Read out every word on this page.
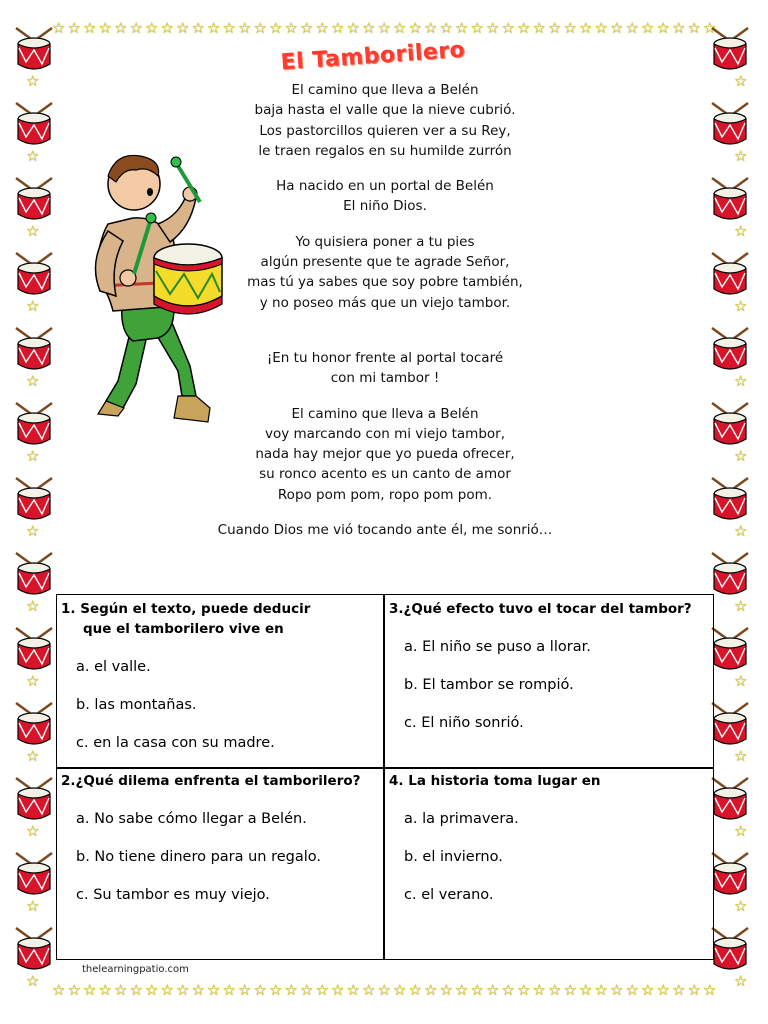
☆ ☆ ☆ ☆ ☆ ☆ ☆ ☆ ☆ ☆ ☆ ☆ ☆ ☆ ☆ ☆ ☆ ☆ ☆ ☆ ☆ ☆ ☆ ☆ ☆ ☆ ☆ ☆ ☆ ☆ ☆ ☆ ☆ ☆ ☆ ☆ ☆ ☆ ☆ ☆ ☆ ☆ ☆
☆ ☆ ☆ ☆ ☆ ☆ ☆ ☆ ☆ ☆ ☆ ☆ ☆ ☆ ☆ ☆ ☆ ☆ ☆ ☆ ☆ ☆ ☆ ☆ ☆ ☆ ☆ ☆ ☆ ☆ ☆ ☆ ☆ ☆ ☆ ☆ ☆ ☆ ☆ ☆ ☆ ☆ ☆
☆
☆
☆
☆
☆
☆
☆
☆
☆
☆
☆
☆
☆
☆
☆
☆
☆
☆
☆
☆
☆
☆
☆
☆
☆
☆
El Tamborilero
El camino que lleva a Belén
baja hasta el valle que la nieve cubrió.
Los pastorcillos quieren ver a su Rey,
le traen regalos en su humilde zurrón
Ha nacido en un portal de Belén
El niño Dios.
Yo quisiera poner a tu pies
algún presente que te agrade Señor,
mas tú ya sabes que soy pobre también,
y no poseo más que un viejo tambor.
¡En tu honor frente al portal tocaré
con mi tambor !
El camino que lleva a Belén
voy marcando con mi viejo tambor,
nada hay mejor que yo pueda ofrecer,
su ronco acento es un canto de amor
Ropo pom pom, ropo pom pom.
Cuando Dios me vió tocando ante él, me sonrió…
1. Según el texto, puede deducir
que el tamborilero vive en
a. el valle.
b. las montañas.
c. en la casa con su madre.
3.¿Qué efecto tuvo el tocar del tambor?
a. El niño se puso a llorar.
b. El tambor se rompió.
c. El niño sonrió.
2.¿Qué dilema enfrenta el tamborilero?
a. No sabe cómo llegar a Belén.
b. No tiene dinero para un regalo.
c. Su tambor es muy viejo.
4. La historia toma lugar en
a. la primavera.
b. el invierno.
c. el verano.
thelearningpatio.com
